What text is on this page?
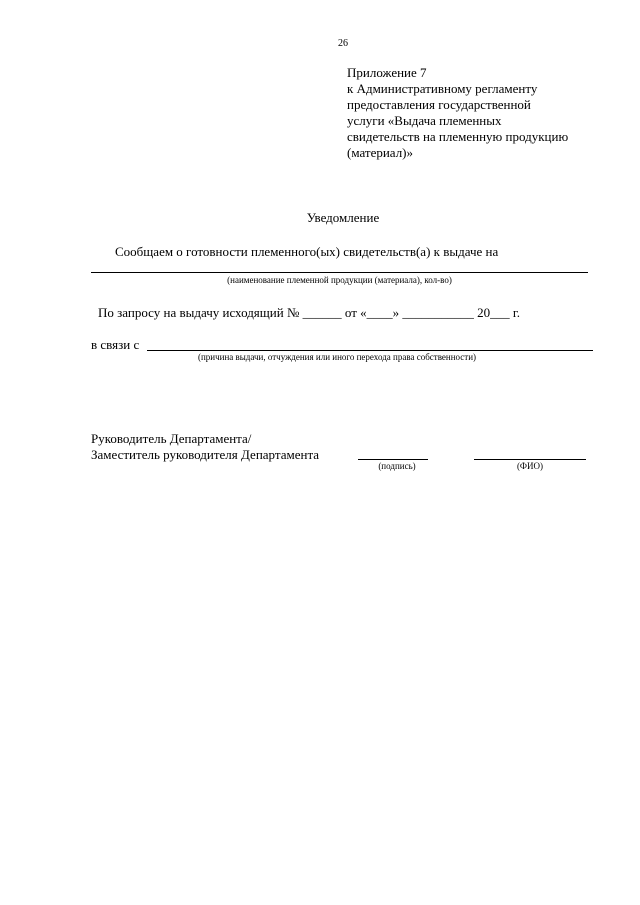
26
Приложение 7
к Административному регламенту
предоставления государственной
услуги «Выдача племенных
свидетельств на племенную продукцию
(материал)»
Уведомление
Сообщаем о готовности племенного(ых) свидетельств(а) к выдаче на
(наименование племенной продукции (материала), кол-во)
По запросу на выдачу исходящий № ______ от «____» ___________ 20___ г.
в связи с
(причина выдачи, отчуждения или иного перехода права собственности)
Руководитель Департамента/
Заместитель руководителя Департамента
(подпись)	(ФИО)
